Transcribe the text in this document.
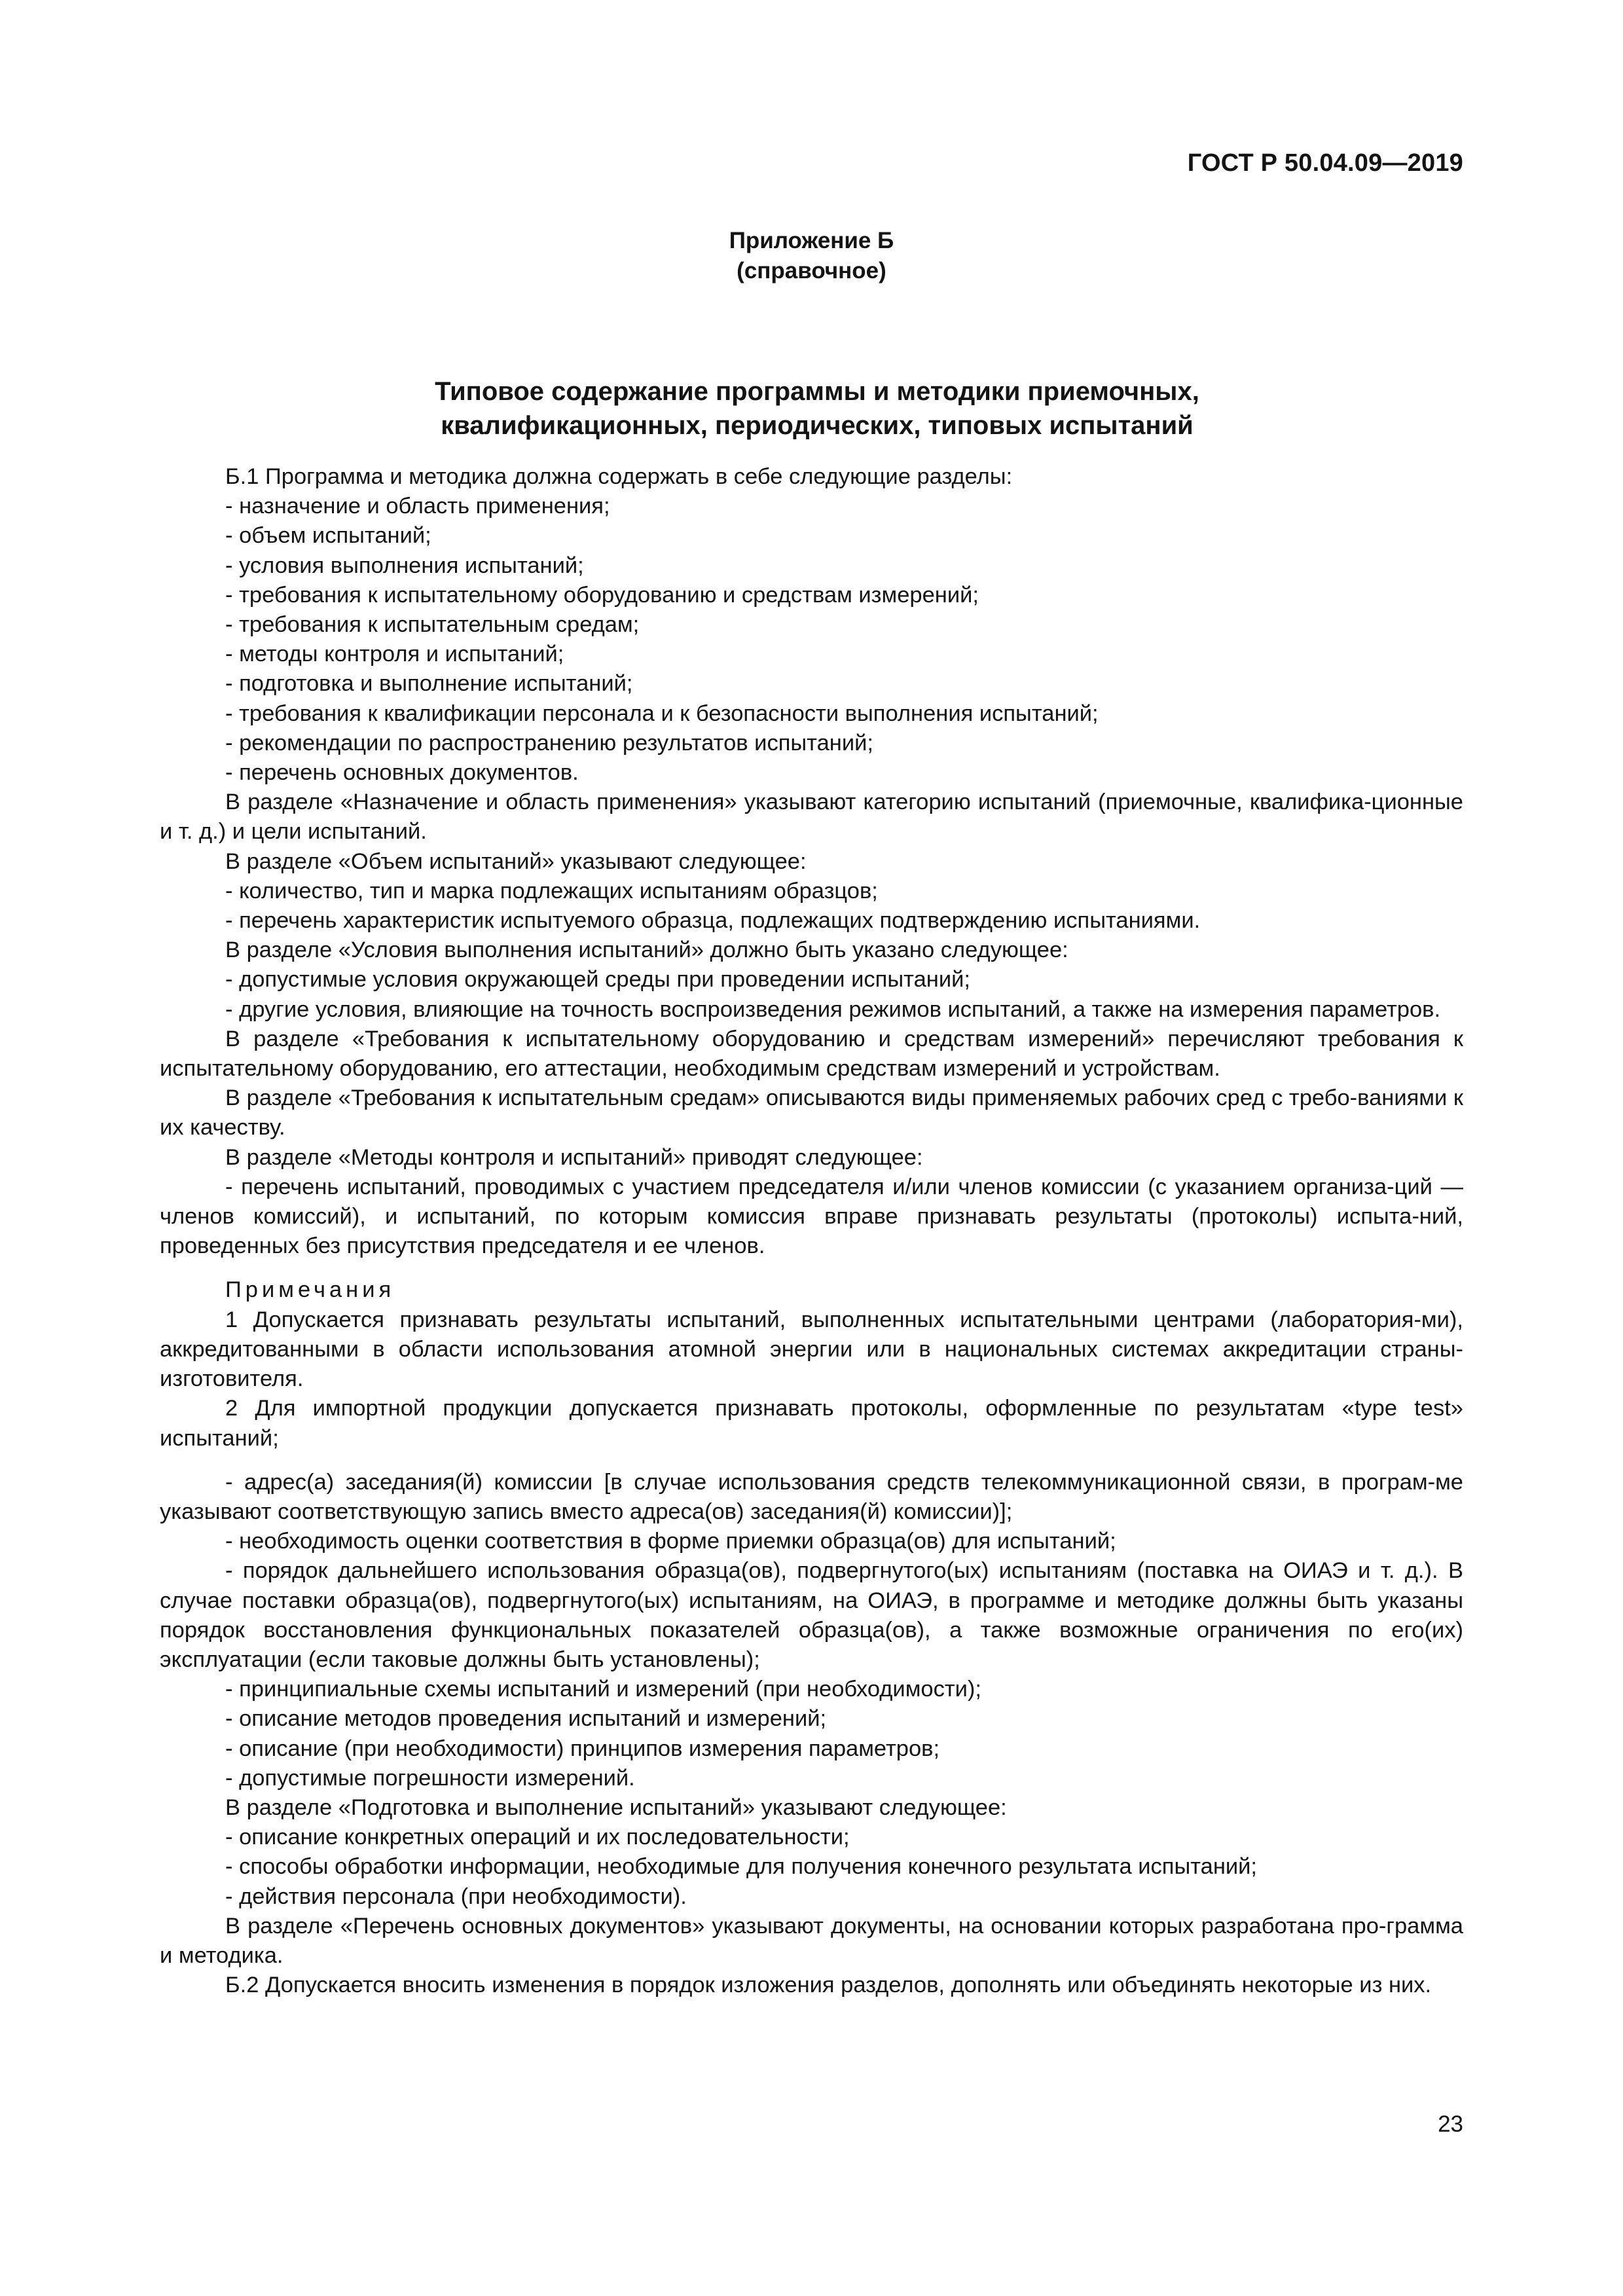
ГОСТ Р 50.04.09—2019
Приложение Б
(справочное)
Типовое содержание программы и методики приемочных,
квалификационных, периодических, типовых испытаний

Б.1 Программа и методика должна содержать в себе следующие разделы:

- назначение и область применения;

- объем испытаний;

- условия выполнения испытаний;

- требования к испытательному оборудованию и средствам измерений;

- требования к испытательным средам;

- методы контроля и испытаний;

- подготовка и выполнение испытаний;

- требования к квалификации персонала и к безопасности выполнения испытаний;

- рекомендации по распространению результатов испытаний;

- перечень основных документов.

В разделе «Назначение и область применения» указывают категорию испытаний (приемочные, квалифика-ционные и т. д.) и цели испытаний.

В разделе «Объем испытаний» указывают следующее:

- количество, тип и марка подлежащих испытаниям образцов;

- перечень характеристик испытуемого образца, подлежащих подтверждению испытаниями.

В разделе «Условия выполнения испытаний» должно быть указано следующее:

- допустимые условия окружающей среды при проведении испытаний;

- другие условия, влияющие на точность воспроизведения режимов испытаний, а также на измерения параметров.

В разделе «Требования к испытательному оборудованию и средствам измерений» перечисляют требования к испытательному оборудованию, его аттестации, необходимым средствам измерений и устройствам.

В разделе «Требования к испытательным средам» описываются виды применяемых рабочих сред с требо-ваниями к их качеству.

В разделе «Методы контроля и испытаний» приводят следующее:

- перечень испытаний, проводимых с участием председателя и/или членов комиссии (с указанием организа-ций — членов комиссий), и испытаний, по которым комиссия вправе признавать результаты (протоколы) испыта-ний, проведенных без присутствия председателя и ее членов.

Примечания

1 Допускается признавать результаты испытаний, выполненных испытательными центрами (лаборатория-ми), аккредитованными в области использования атомной энергии или в национальных системах аккредитации страны-изготовителя.

2 Для импортной продукции допускается признавать протоколы, оформленные по результатам «type test» испытаний;

- адрес(а) заседания(й) комиссии [в случае использования средств телекоммуникационной связи, в програм-ме указывают соответствующую запись вместо адреса(ов) заседания(й) комиссии)];

- необходимость оценки соответствия в форме приемки образца(ов) для испытаний;

- порядок дальнейшего использования образца(ов), подвергнутого(ых) испытаниям (поставка на ОИАЭ и т. д.). В случае поставки образца(ов), подвергнутого(ых) испытаниям, на ОИАЭ, в программе и методике должны быть указаны порядок восстановления функциональных показателей образца(ов), а также возможные ограничения по его(их) эксплуатации (если таковые должны быть установлены);

- принципиальные схемы испытаний и измерений (при необходимости);

- описание методов проведения испытаний и измерений;

- описание (при необходимости) принципов измерения параметров;

- допустимые погрешности измерений.

В разделе «Подготовка и выполнение испытаний» указывают следующее:

- описание конкретных операций и их последовательности;

- способы обработки информации, необходимые для получения конечного результата испытаний;

- действия персонала (при необходимости).

В разделе «Перечень основных документов» указывают документы, на основании которых разработана про-грамма и методика.

Б.2 Допускается вносить изменения в порядок изложения разделов, дополнять или объединять некоторые из них.

23
